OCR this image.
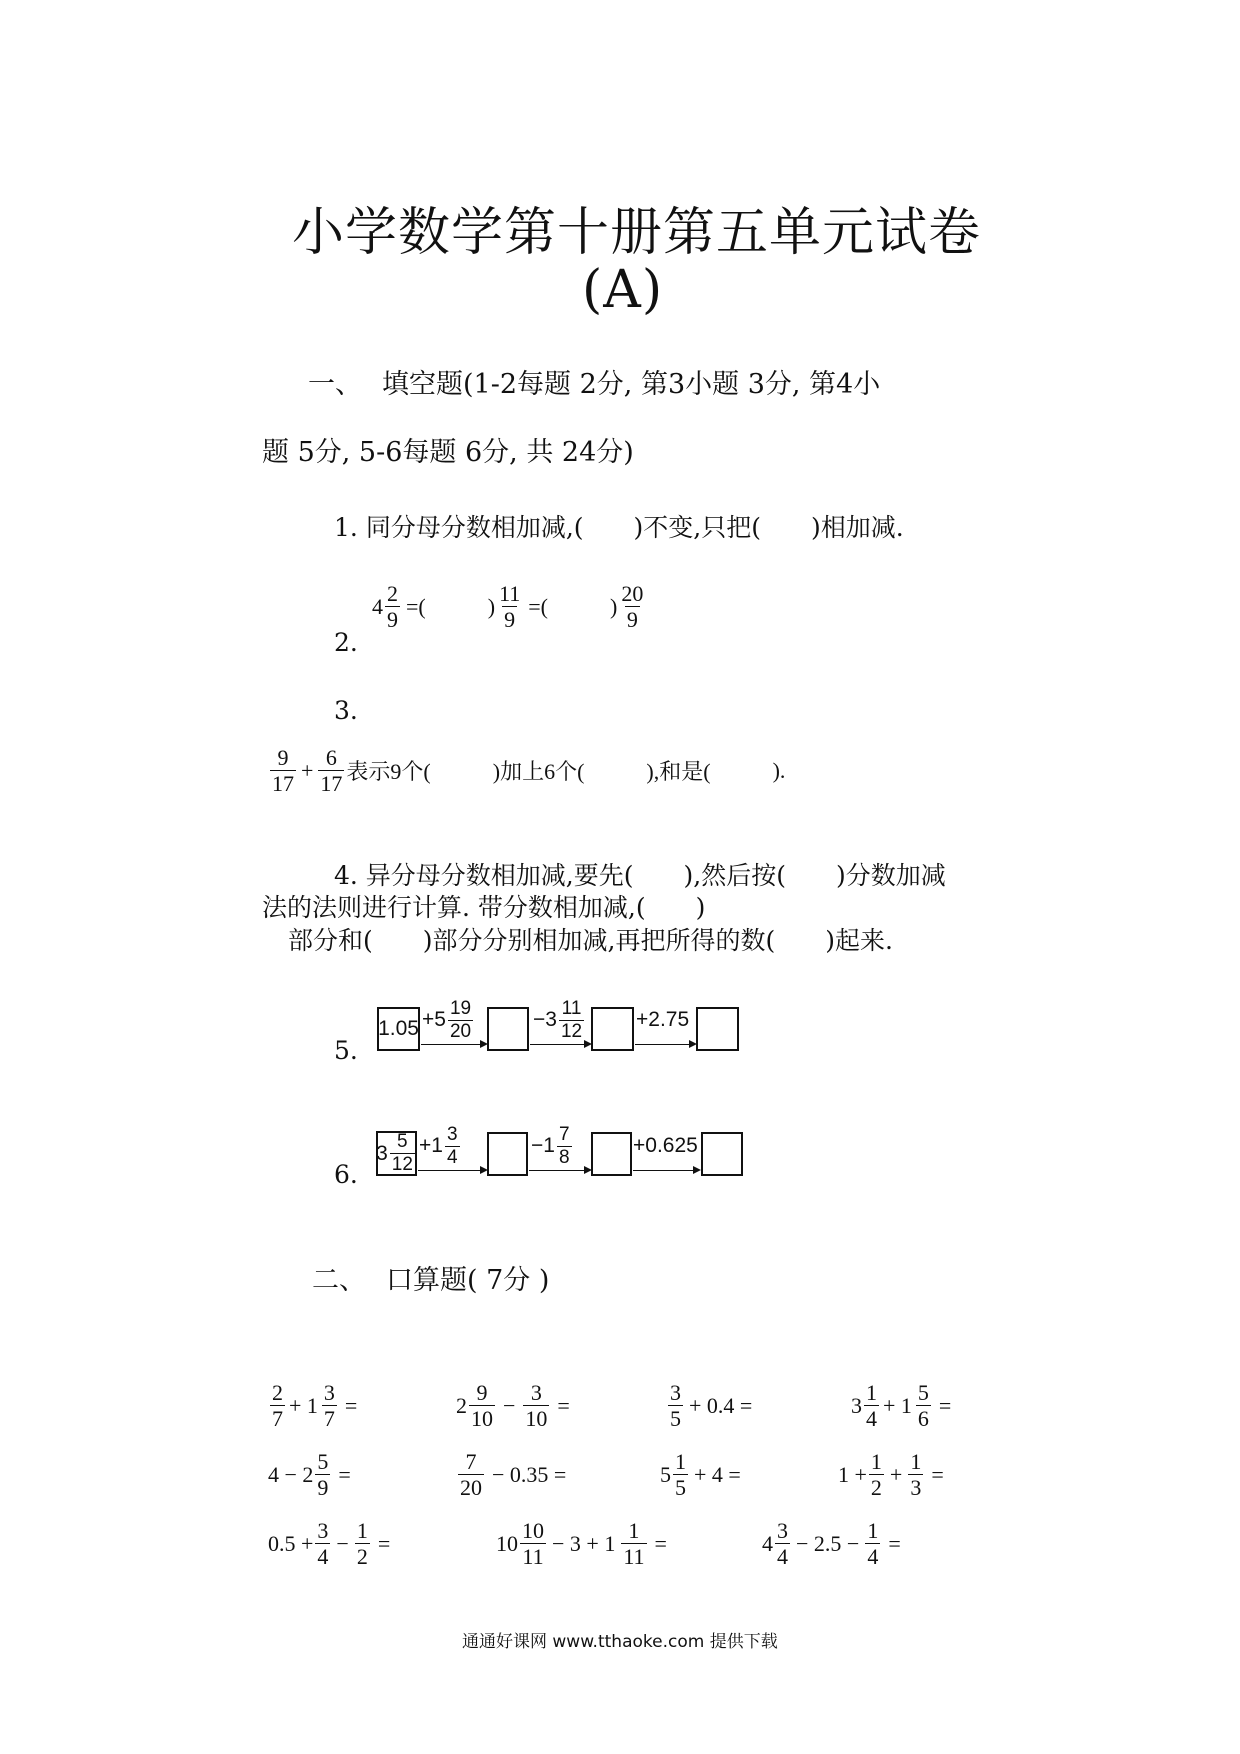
小学数学第十册第五单元试卷
(A)
一、 填空题(1-2每题 2分, 第3小题 3分, 第4小
题 5分, 5-6每题 6分, 共 24分)
1. 同分母分数相加减,( )不变,只把( )相加减.
2.
$4 \frac{2}{9}$ =(	) $\frac{11}{9}$ =(	) $\frac{20}{9}$
3.
$\frac{9}{17} + \frac{6}{17}$ 表示9个(	)加上6个(	),和是(	).
4. 异分母分数相加减,要先( ),然后按( )分数加减
法的法则进行计算. 带分数相加减,( )
部分和( )部分分别相加减,再把所得的数( )起来.
5.
$1.05 +5 \frac{19}{20}$	$-3 \frac{11}{12} +2.75$
6.
$3 \frac{5}{12} +1 \frac{3}{4}$	$-1 \frac{7}{8}$	+0.625
二、 口算题( 7分 )
$\frac{2}{7} + 1 \frac{3}{7}$ =	$2 \frac{9}{10} - \frac{3}{10}$ =	$\frac{3}{5} + 0.4$ =	$3 \frac{1}{4} + 1 \frac{5}{6}$ =
$4 - 2 \frac{5}{9}$ =	$\frac{7}{20} - 0.35$ =	$5 \frac{1}{5} + 4$ =	$1 + \frac{1}{2} + \frac{1}{3}$ =
$0.5 + \frac{3}{4} - \frac{1}{2}$ =	$10 \frac{10}{11} - 3 + 1 \frac{1}{11}$ =	$4 \frac{3}{4} - 2.5 - \frac{1}{4}$ =
通通好课网 www.tthaoke.com 提供下载
